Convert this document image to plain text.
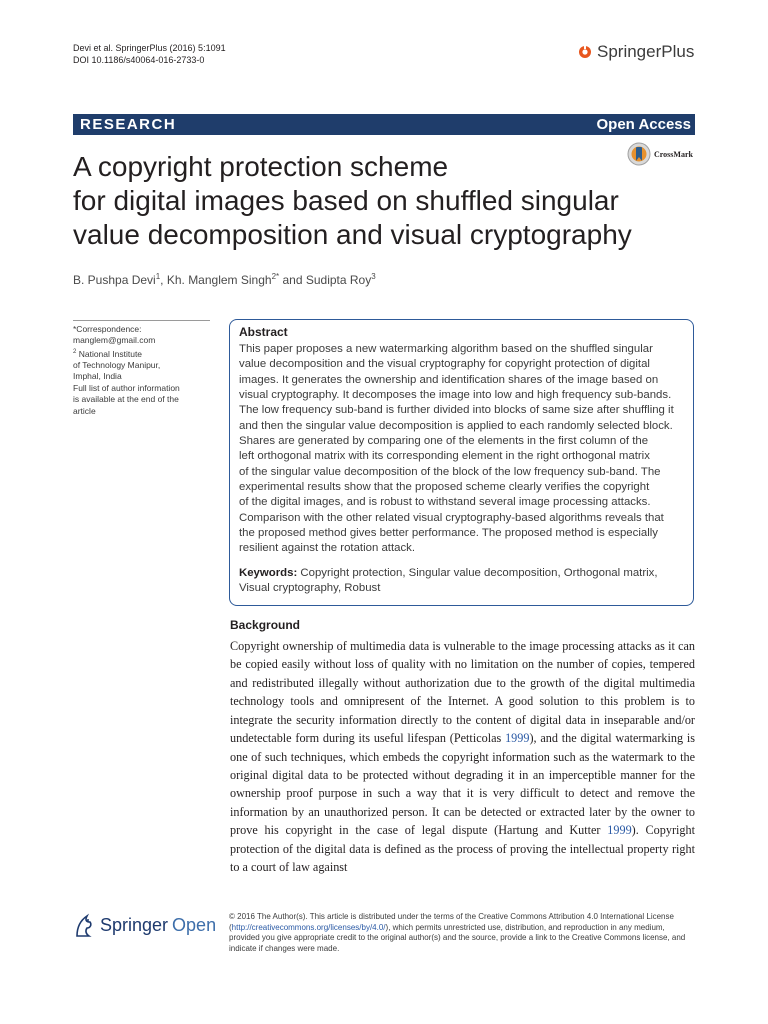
Devi et al. SpringerPlus (2016) 5:1091
DOI 10.1186/s40064-016-2733-0	SpringerPlus
RESEARCH	Open Access
CrossMark
A copyright protection scheme
for digital images based on shuffled singular
value decomposition and visual cryptography
B. Pushpa Devi$^1$, Kh. Manglem Singh$^{2*}$ and Sudipta Roy$^3$
*Correspondence:
manglem@gmail.com
$^2$ National Institute
of Technology Manipur,
Imphal, India
Full list of author information
is available at the end of the
article
Abstract
This paper proposes a new watermarking algorithm based on the shuffled singular
value decomposition and the visual cryptography for copyright protection of digital
images. It generates the ownership and identification shares of the image based on
visual cryptography. It decomposes the image into low and high frequency sub-bands.
The low frequency sub-band is further divided into blocks of same size after shuffling it
and then the singular value decomposition is applied to each randomly selected block.
Shares are generated by comparing one of the elements in the first column of the
left orthogonal matrix with its corresponding element in the right orthogonal matrix
of the singular value decomposition of the block of the low frequency sub-band. The
experimental results show that the proposed scheme clearly verifies the copyright
of the digital images, and is robust to withstand several image processing attacks.
Comparison with the other related visual cryptography-based algorithms reveals that
the proposed method gives better performance. The proposed method is especially
resilient against the rotation attack.
Keywords: Copyright protection, Singular value decomposition, Orthogonal matrix,
Visual cryptography, Robust
Background

Copyright ownership of multimedia data is vulnerable to the image processing attacks as it can be copied easily without loss of quality with no limitation on the number of copies, tempered and redistributed illegally without authorization due to the growth of the digital multimedia technology tools and omnipresent of the Internet. A good solution to this problem is to integrate the security information directly to the content of digital data in inseparable and/or undetectable form during its useful lifespan (Petticolas 1999), and the digital watermarking is one of such techniques, which embeds the copyright information such as the watermark to the original digital data to be protected without degrading it in an imperceptible manner for the ownership proof purpose in such a way that it is very difficult to detect and remove the information by an unauthorized person. It can be detected or extracted later by the owner to prove his copyright in the case of legal dispute (Hartung and Kutter 1999). Copyright protection of the digital data is defined as the process of proving the intellectual property right to a court of law against

Springer Open © 2016 The Author(s). This article is distributed under the terms of the Creative Commons Attribution 4.0 International License (http://creativecommons.org/licenses/by/4.0/), which permits unrestricted use, distribution, and reproduction in any medium, provided you give appropriate credit to the original author(s) and the source, provide a link to the Creative Commons license, and indicate if changes were made.
